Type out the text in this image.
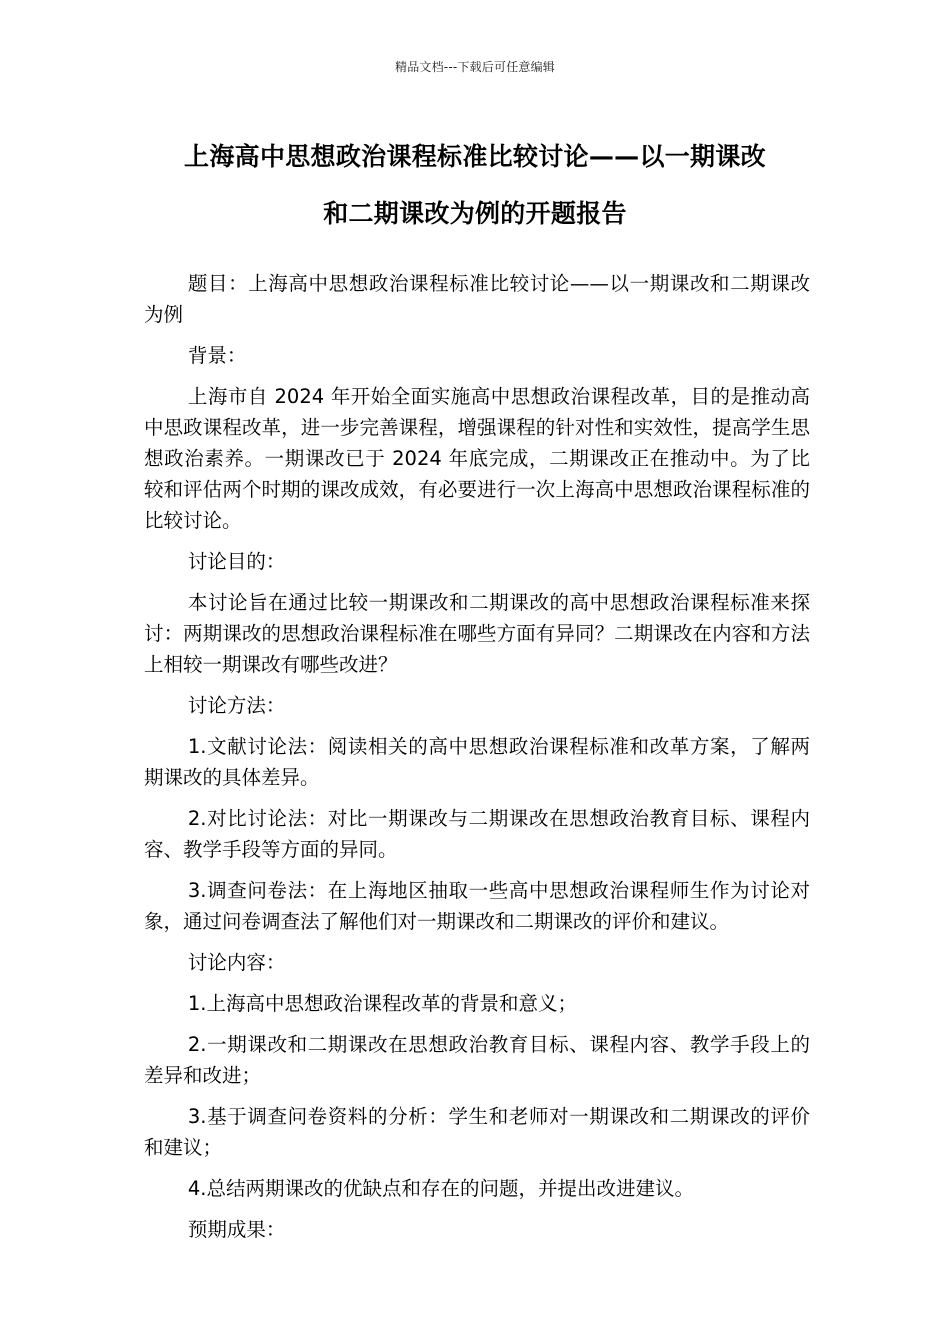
精品文档---下载后可任意编辑
上海高中思想政治课程标准比较讨论——以一期课改
和二期课改为例的开题报告

题目：上海高中思想政治课程标准比较讨论——以一期课改和二期课改为例

背景：

上海市自 2024 年开始全面实施高中思想政治课程改革，目的是推动高中思政课程改革，进一步完善课程，增强课程的针对性和实效性，提高学生思想政治素养。一期课改已于 2024 年底完成，二期课改正在推动中。为了比较和评估两个时期的课改成效，有必要进行一次上海高中思想政治课程标准的比较讨论。

讨论目的：

本讨论旨在通过比较一期课改和二期课改的高中思想政治课程标准来探讨：两期课改的思想政治课程标准在哪些方面有异同？二期课改在内容和方法上相较一期课改有哪些改进？

讨论方法：

1.文献讨论法：阅读相关的高中思想政治课程标准和改革方案，了解两期课改的具体差异。

2.对比讨论法：对比一期课改与二期课改在思想政治教育目标、课程内容、教学手段等方面的异同。

3.调查问卷法：在上海地区抽取一些高中思想政治课程师生作为讨论对象，通过问卷调查法了解他们对一期课改和二期课改的评价和建议。

讨论内容：

1.上海高中思想政治课程改革的背景和意义；

2.一期课改和二期课改在思想政治教育目标、课程内容、教学手段上的差异和改进；

3.基于调查问卷资料的分析：学生和老师对一期课改和二期课改的评价和建议；

4.总结两期课改的优缺点和存在的问题，并提出改进建议。

预期成果：
